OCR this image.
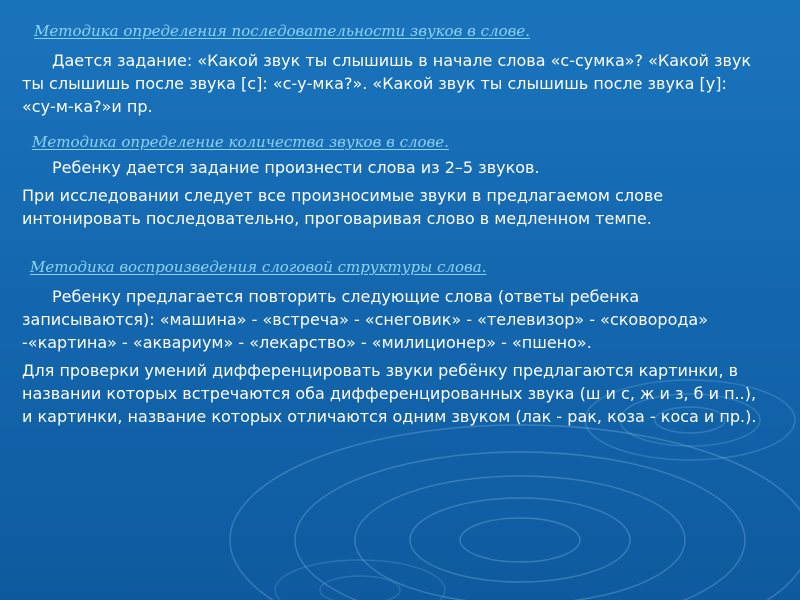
Методика определения последовательности звуков в слове.

Дается задание: «Какой звук ты слышишь в начале слова «с-сумка»? «Какой звук ты слышишь после звука [с]: «с-у-мка?». «Какой звук ты слышишь после звука [у]: «су-м-ка?»и пр.

Методика определение количества звуков в слове.

Ребенку дается задание произнести слова из 2–5 звуков.

При исследовании следует все произносимые звуки в предлагаемом слове интонировать последовательно, проговаривая слово в медленном темпе.

Методика воспроизведения слоговой структуры слова.

Ребенку предлагается повторить следующие слова (ответы ребенка записываются): «машина» - «встреча» - «снеговик» - «телевизор» - «сковорода» -«картина» - «аквариум» - «лекарство» - «милиционер» - «пшено».

Для проверки умений дифференцировать звуки ребёнку предлагаются картинки, в названии которых встречаются оба дифференцированных звука (ш и с, ж и з, б и п..), и картинки, название которых отличаются одним звуком (лак - рак, коза - коса и пр.).
